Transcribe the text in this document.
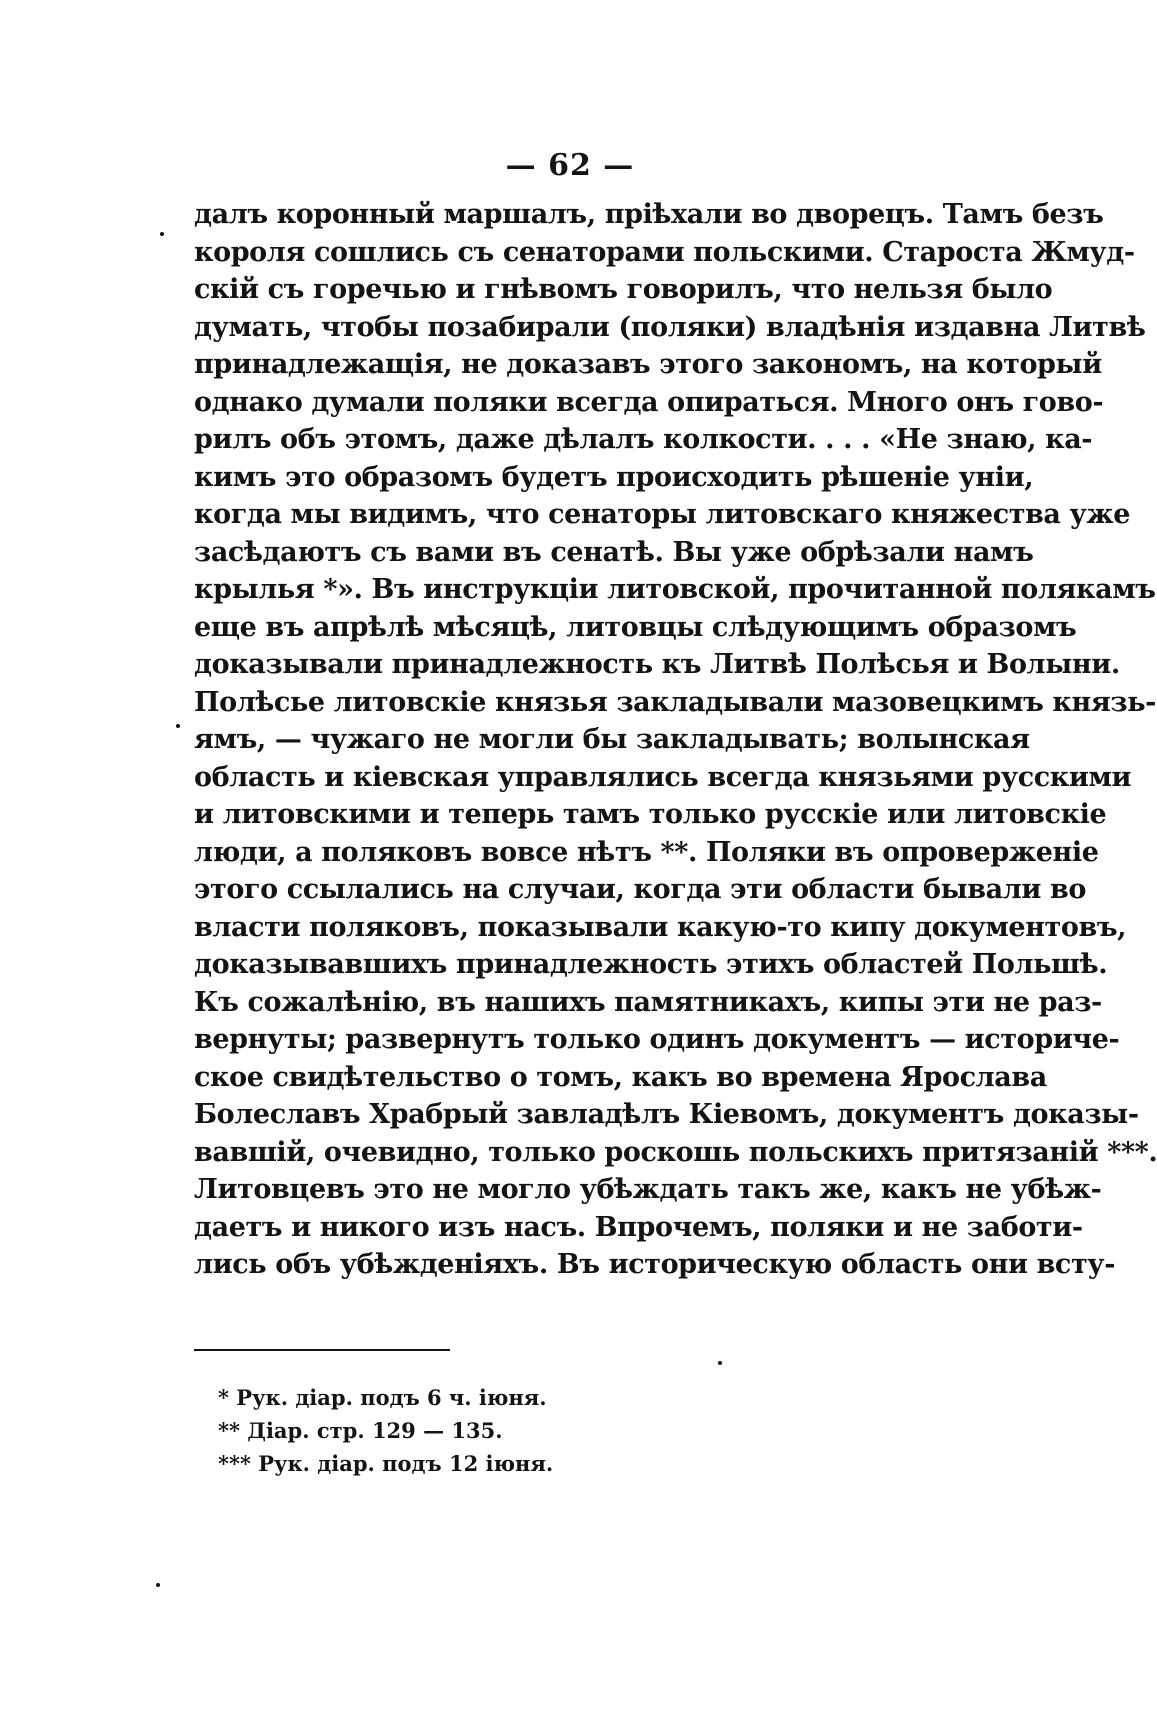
— 62 —
далъ коронный маршалъ, пріѣхали во дворецъ. Тамъ безъ
короля сошлись съ сенаторами польскими. Староста Жмуд-
скій съ горечью и гнѣвомъ говорилъ, что нельзя было
думать, чтобы позабирали (поляки) владѣнія издавна Литвѣ
принадлежащія, не доказавъ этого закономъ, на который
однако думали поляки всегда опираться. Много онъ гово-
рилъ объ этомъ, даже дѣлалъ колкости. . . . «Не знаю, ка-
кимъ это образомъ будетъ происходить рѣшеніе уніи,
когда мы видимъ, что сенаторы литовскаго княжества уже
засѣдаютъ съ вами въ сенатѣ. Вы уже обрѣзали намъ
крылья *». Въ инструкціи литовской, прочитанной полякамъ
еще въ апрѣлѣ мѣсяцѣ, литовцы слѣдующимъ образомъ
доказывали принадлежность къ Литвѣ Полѣсья и Волыни.
Полѣсье литовскіе князья закладывали мазовецкимъ князь-
ямъ, — чужаго не могли бы закладывать; волынская
область и кіевская управлялись всегда князьями русскими
и литовскими и теперь тамъ только русскіе или литовскіе
люди, а поляковъ вовсе нѣтъ **. Поляки въ опроверженіе
этого ссылались на случаи, когда эти области бывали во
власти поляковъ, показывали какую-то кипу документовъ,
доказывавшихъ принадлежность этихъ областей Польшѣ.
Къ сожалѣнію, въ нашихъ памятникахъ, кипы эти не раз-
вернуты; развернутъ только одинъ документъ — историче-
ское свидѣтельство о томъ, какъ во времена Ярослава
Болеславъ Храбрый завладѣлъ Кіевомъ, документъ доказы-
вавшій, очевидно, только роскошь польскихъ притязаній ***.
Литовцевъ это не могло убѣждать такъ же, какъ не убѣж-
даетъ и никого изъ насъ. Впрочемъ, поляки и не заботи-
лись объ убѣжденіяхъ. Въ историческую область они всту-
* Рук. діар. подъ 6 ч. іюня.
** Діар. стр. 129 — 135.
*** Рук. діар. подъ 12 іюня.
